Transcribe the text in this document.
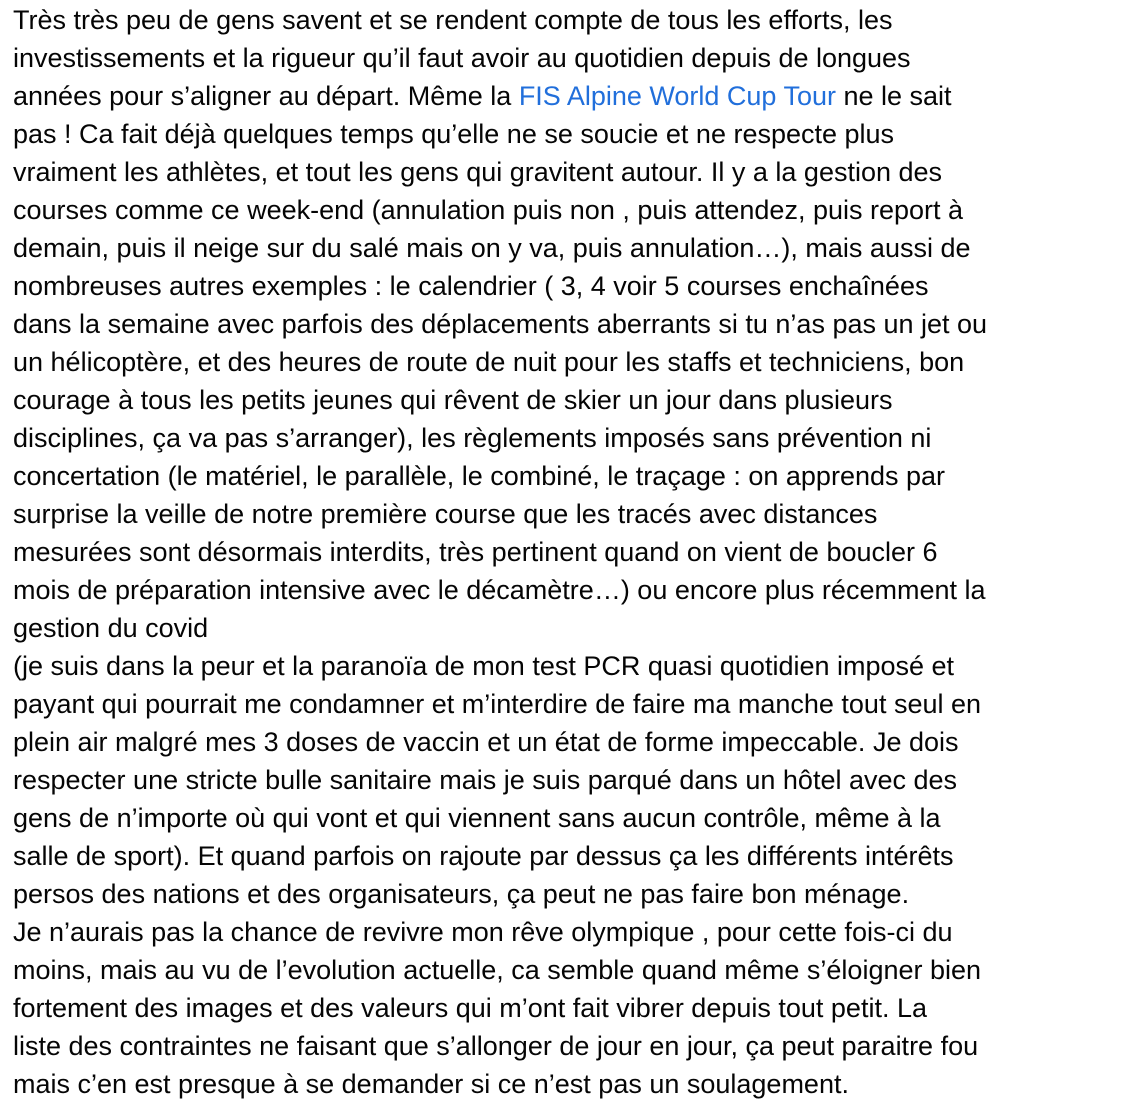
Très très peu de gens savent et se rendent compte de tous les efforts, les
investissements et la rigueur qu’il faut avoir au quotidien depuis de longues
années pour s’aligner au départ. Même la FIS Alpine World Cup Tour ne le sait
pas ! Ca fait déjà quelques temps qu’elle ne se soucie et ne respecte plus
vraiment les athlètes, et tout les gens qui gravitent autour. Il y a la gestion des
courses comme ce week-end (annulation puis non , puis attendez, puis report à
demain, puis il neige sur du salé mais on y va, puis annulation…), mais aussi de
nombreuses autres exemples : le calendrier ( 3, 4 voir 5 courses enchaînées
dans la semaine avec parfois des déplacements aberrants si tu n’as pas un jet ou
un hélicoptère, et des heures de route de nuit pour les staffs et techniciens, bon
courage à tous les petits jeunes qui rêvent de skier un jour dans plusieurs
disciplines, ça va pas s’arranger), les règlements imposés sans prévention ni
concertation (le matériel, le parallèle, le combiné, le traçage : on apprends par
surprise la veille de notre première course que les tracés avec distances
mesurées sont désormais interdits, très pertinent quand on vient de boucler 6
mois de préparation intensive avec le décamètre…) ou encore plus récemment la
gestion du covid
(je suis dans la peur et la paranoïa de mon test PCR quasi quotidien imposé et
payant qui pourrait me condamner et m’interdire de faire ma manche tout seul en
plein air malgré mes 3 doses de vaccin et un état de forme impeccable. Je dois
respecter une stricte bulle sanitaire mais je suis parqué dans un hôtel avec des
gens de n’importe où qui vont et qui viennent sans aucun contrôle, même à la
salle de sport). Et quand parfois on rajoute par dessus ça les différents intérêts
persos des nations et des organisateurs, ça peut ne pas faire bon ménage.
Je n’aurais pas la chance de revivre mon rêve olympique , pour cette fois-ci du
moins, mais au vu de l’evolution actuelle, ca semble quand même s’éloigner bien
fortement des images et des valeurs qui m’ont fait vibrer depuis tout petit. La
liste des contraintes ne faisant que s’allonger de jour en jour, ça peut paraitre fou
mais c’en est presque à se demander si ce n’est pas un soulagement.
